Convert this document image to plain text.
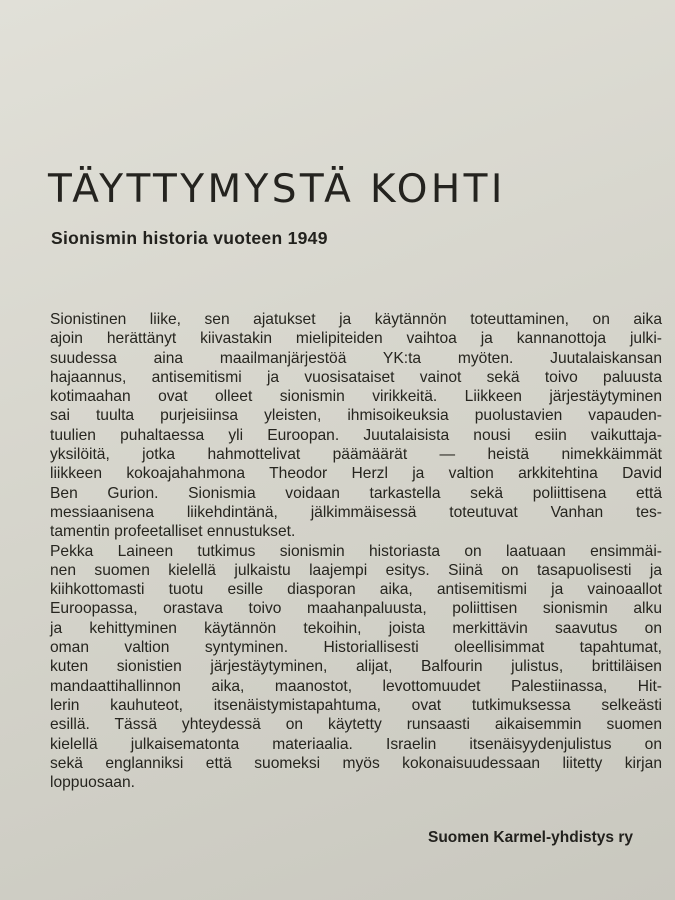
TÄYTTYMYSTÄ KOHTI
Sionismin historia vuoteen 1949
Sionistinen liike, sen ajatukset ja käytännön toteuttaminen, on aika
ajoin herättänyt kiivastakin mielipiteiden vaihtoa ja kannanottoja julki-
suudessa aina maailmanjärjestöä YK:ta myöten. Juutalaiskansan
hajaannus, antisemitismi ja vuosisataiset vainot sekä toivo paluusta
kotimaahan ovat olleet sionismin virikkeitä. Liikkeen järjestäytyminen
sai tuulta purjeisiinsa yleisten, ihmisoikeuksia puolustavien vapauden-
tuulien puhaltaessa yli Euroopan. Juutalaisista nousi esiin vaikuttaja-
yksilöitä, jotka hahmottelivat päämäärät — heistä nimekkäimmät
liikkeen kokoajahahmona Theodor Herzl ja valtion arkkitehtina David
Ben Gurion. Sionismia voidaan tarkastella sekä poliittisena että
messiaanisena liikehdintänä, jälkimmäisessä toteutuvat Vanhan tes-
tamentin profeetalliset ennustukset.
Pekka Laineen tutkimus sionismin historiasta on laatuaan ensimmäi-
nen suomen kielellä julkaistu laajempi esitys. Siinä on tasapuolisesti ja
kiihkottomasti tuotu esille diasporan aika, antisemitismi ja vainoaallot
Euroopassa, orastava toivo maahanpaluusta, poliittisen sionismin alku
ja kehittyminen käytännön tekoihin, joista merkittävin saavutus on
oman valtion syntyminen. Historiallisesti oleellisimmat tapahtumat,
kuten sionistien järjestäytyminen, alijat, Balfourin julistus, brittiläisen
mandaattihallinnon aika, maanostot, levottomuudet Palestiinassa, Hit-
lerin kauhuteot, itsenäistymistapahtuma, ovat tutkimuksessa selkeästi
esillä. Tässä yhteydessä on käytetty runsaasti aikaisemmin suomen
kielellä julkaisematonta materiaalia. Israelin itsenäisyydenjulistus on
sekä englanniksi että suomeksi myös kokonaisuudessaan liitetty kirjan
loppuosaan.

Suomen Karmel-yhdistys ry
